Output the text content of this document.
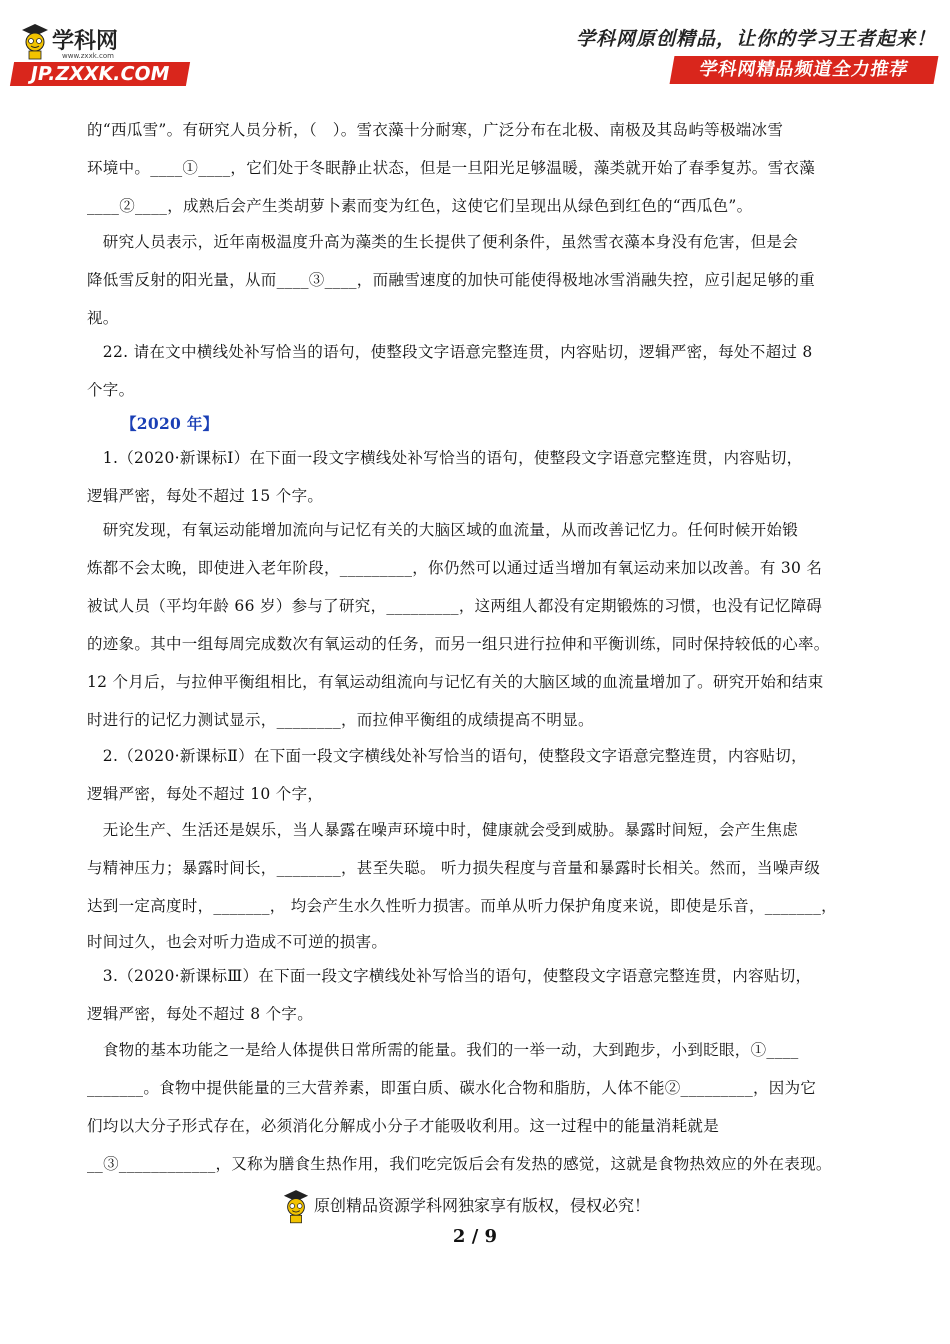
学科网
www.zxxk.com
JP.ZXXK.COM
学科网原创精品，让你的学习王者起来！
学科网精品频道全力推荐
的“西瓜雪”。有研究人员分析，（　）。雪衣藻十分耐寒，广泛分布在北极、南极及其岛屿等极端冰雪
环境中。____①____，它们处于冬眠静止状态，但是一旦阳光足够温暖，藻类就开始了春季复苏。雪衣藻
____②____，成熟后会产生类胡萝卜素而变为红色，这使它们呈现出从绿色到红色的“西瓜色”。
　研究人员表示，近年南极温度升高为藻类的生长提供了便利条件，虽然雪衣藻本身没有危害，但是会
降低雪反射的阳光量，从而____③____，而融雪速度的加快可能使得极地冰雪消融失控，应引起足够的重
视。
　22. 请在文中横线处补写恰当的语句，使整段文字语意完整连贯，内容贴切，逻辑严密，每处不超过 8
个字。
【2020 年】
　1.（2020·新课标Ⅰ）在下面一段文字横线处补写恰当的语句，使整段文字语意完整连贯，内容贴切，
逻辑严密，每处不超过 15 个字。
　研究发现，有氧运动能增加流向与记忆有关的大脑区域的血流量，从而改善记忆力。任何时候开始锻
炼都不会太晚，即使进入老年阶段，_________，你仍然可以通过适当增加有氧运动来加以改善。有 30 名
被试人员（平均年龄 66 岁）参与了研究，_________，这两组人都没有定期锻炼的习惯，也没有记忆障碍
的迹象。其中一组每周完成数次有氧运动的任务，而另一组只进行拉伸和平衡训练，同时保持较低的心率。
12 个月后，与拉伸平衡组相比，有氧运动组流向与记忆有关的大脑区域的血流量增加了。研究开始和结束
时进行的记忆力测试显示，________，而拉伸平衡组的成绩提高不明显。
　2.（2020·新课标Ⅱ）在下面一段文字横线处补写恰当的语句，使整段文字语意完整连贯，内容贴切，
逻辑严密，每处不超过 10 个字，
　无论生产、生活还是娱乐，当人暴露在噪声环境中时，健康就会受到威胁。暴露时间短，会产生焦虑
与精神压力；暴露时间长，________，甚至失聪。 听力损失程度与音量和暴露时长相关。然而，当噪声级
达到一定高度时，_______， 均会产生水久性听力损害。而单从听力保护角度来说，即使是乐音，_______，
时间过久，也会对听力造成不可逆的损害。
　3.（2020·新课标Ⅲ）在下面一段文字横线处补写恰当的语句，使整段文字语意完整连贯，内容贴切，
逻辑严密，每处不超过 8 个字。
　食物的基本功能之一是给人体提供日常所需的能量。我们的一举一动，大到跑步，小到眨眼，①____
_______。食物中提供能量的三大营养素，即蛋白质、碳水化合物和脂肪，人体不能②_________，因为它
们均以大分子形式存在，必须消化分解成小分子才能吸收利用。这一过程中的能量消耗就是
__③____________，又称为膳食生热作用，我们吃完饭后会有发热的感觉，这就是食物热效应的外在表现。
原创精品资源学科网独家享有版权，侵权必究！
2 / 9
